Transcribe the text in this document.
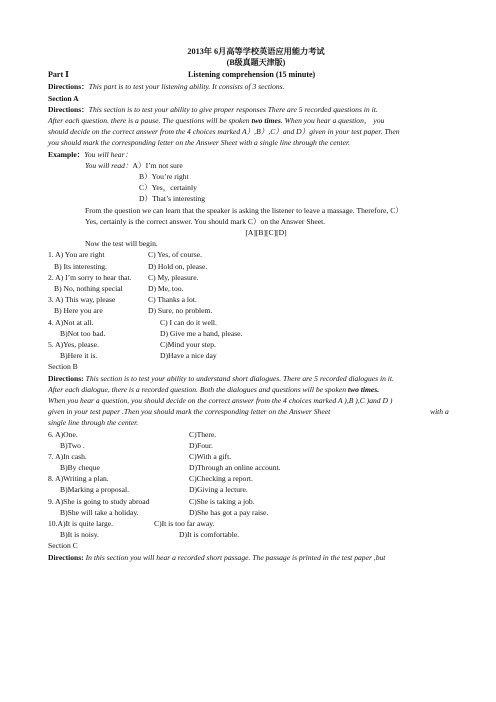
2013年 6月高等学校英语应用能力考试
(B级真题天津版)
Part Ⅰ	Listening comprehension (15 minute)
Directions：This part is to test your listening ability. It consists of 3 sections.
Section A
Directions：This section is to test your ability to give proper responses There are 5 recorded questions in it.
After each question. there is a pause. The questions will be spoken two times. When you hear a question， you
should decide on the correct answer from the 4 choices marked A）,B）,C）and D）given in your test paper. Then
you should mark the corresponding letter on the Answer Sheet with a single line through the center.
Example：You will hear：
You will read：A）I’m not sure
B）You’re right
C）Yes，certainly
D）That’s interesting
From the question we can learn that the speaker is asking the listener to leave a massage. Therefore, C）
Yes, certainly is the correct answer. You should mark C）on the Answer Sheet.
[A][B][C][D]
Now the test will begin.
1. A) You are right	C) Yes, of course.
B) Its interesting.	D) Hold on, please.
2. A) I’m sorry to hear that. C) My, pleasure.
B) No, nothing special	D) Me, too.
3. A) This way, please	C) Thanks a lot.
B) Here you are	D) Sure, no problem.
4. A)Not at all.	C) I can do it well.
B)Not too bad.	D) Give me a hand, please.
5. A)Yes, please.	C)Mind your step.
B)Here it is.	D)Have a nice day
Section B
Directions: This section is to test your ability to understand short dialogues. There are 5 recorded dialogues in it.
After each dialogue, there is a recorded question. Both the dialogues and questions will be spoken two times.
When you hear a question, you should decide on the correct answer from the 4 choices marked A ),B ),C )and D )
given in your test paper .Then you should mark the corresponding letter on the Answer Sheet	with a
single line through the center.
6. A)One.	C)There.
B)Two .	D)Four.
7. A)In cash.	C)With a gift.
B)By cheque	D)Through an online account.
8. A)Writing a plan.	C)Checking a report.
B)Marking a proposal.	D)Giving a lecture.
9. A)She is going to study abroad	C)She is taking a job.
B)She will take a holiday.	D)She has got a pay raise.
10.A)It is quite large.	C)It is too far away.
B)It is noisy.	D)It is comfortable.
Section C
Directions: In this section you will hear a recorded short passage. The passage is printed in the test paper ,but
